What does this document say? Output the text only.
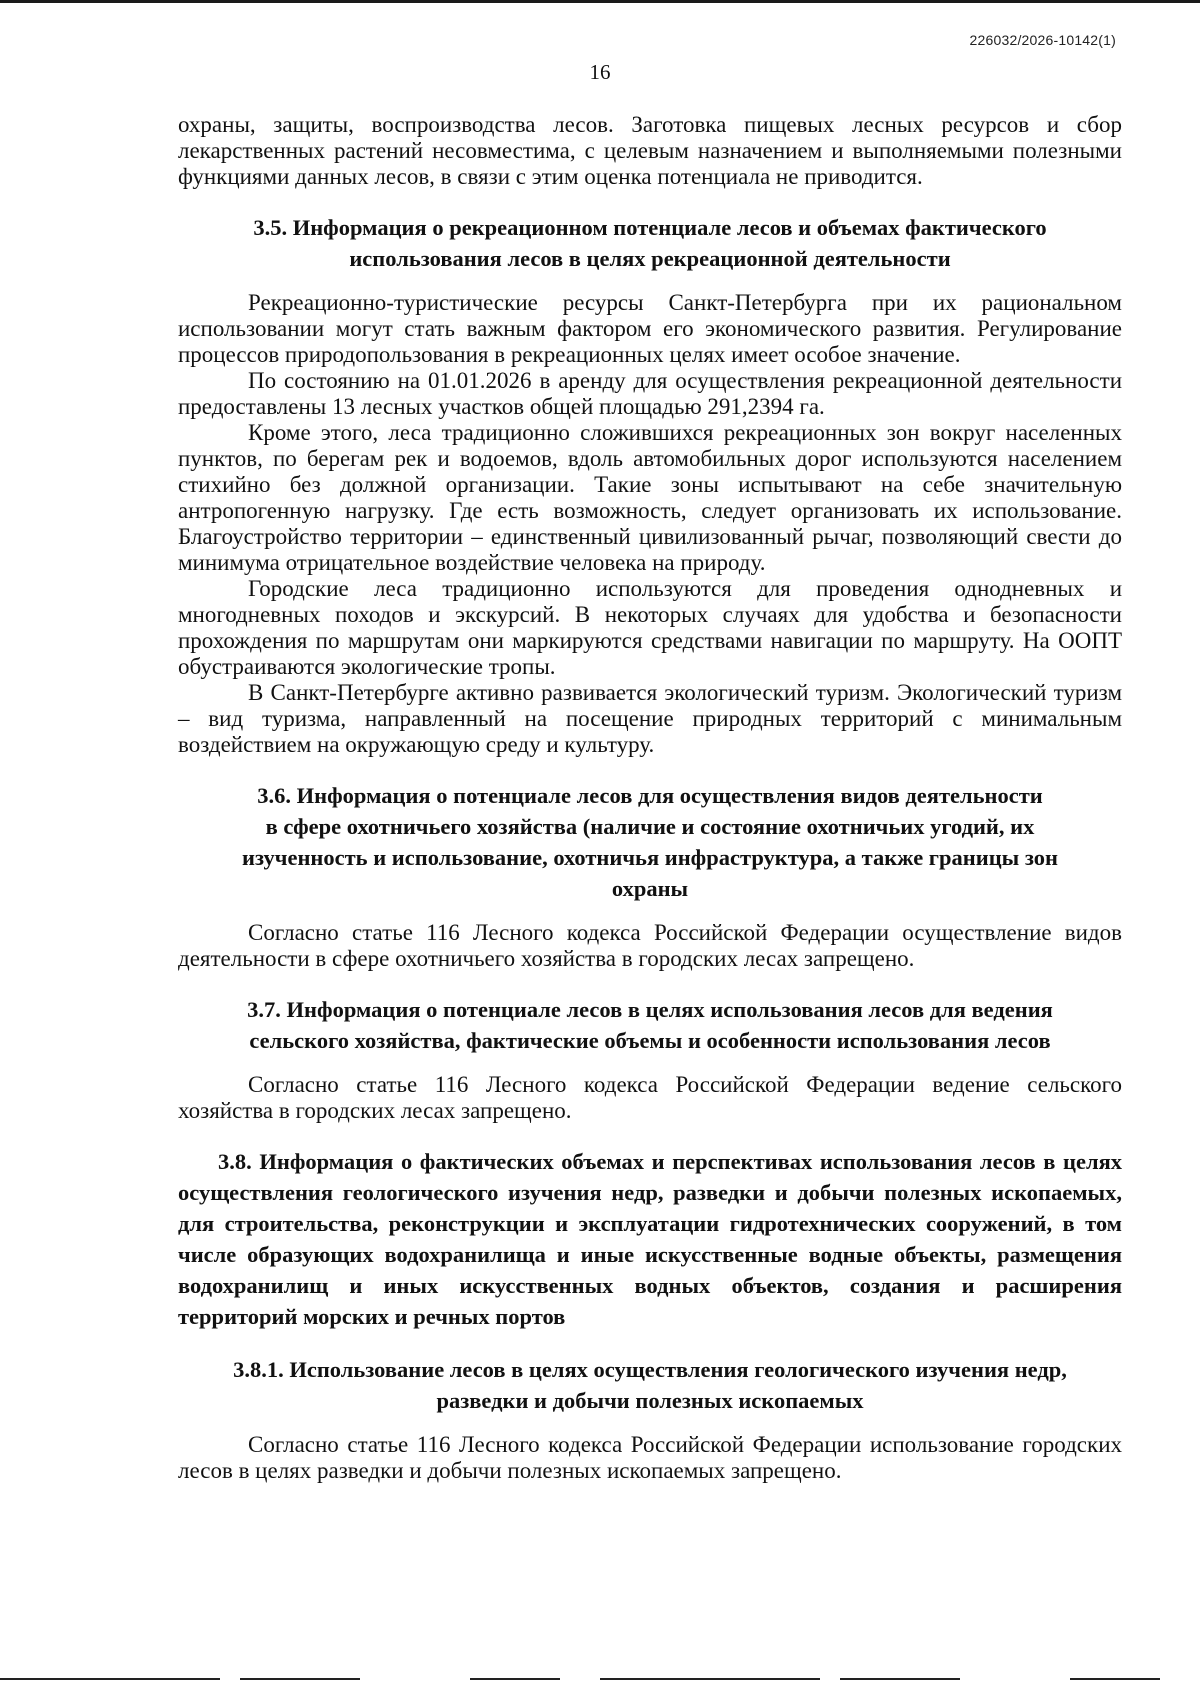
226032/2026-10142(1)
16

охраны, защиты, воспроизводства лесов. Заготовка пищевых лесных ресурсов и сбор лекарственных растений несовместима, с целевым назначением и выполняемыми полезными функциями данных лесов, в связи с этим оценка потенциала не приводится.

3.5. Информация о рекреационном потенциале лесов и объемах фактического

использования лесов в целях рекреационной деятельности

Рекреационно-туристические ресурсы Санкт-Петербурга при их рациональном использовании могут стать важным фактором его экономического развития. Регулирование процессов природопользования в рекреационных целях имеет особое значение.

По состоянию на 01.01.2026 в аренду для осуществления рекреационной деятельности предоставлены 13 лесных участков общей площадью 291,2394 га.

Кроме этого, леса традиционно сложившихся рекреационных зон вокруг населенных пунктов, по берегам рек и водоемов, вдоль автомобильных дорог используются населением стихийно без должной организации. Такие зоны испытывают на себе значительную антропогенную нагрузку. Где есть возможность, следует организовать их использование. Благоустройство территории – единственный цивилизованный рычаг, позволяющий свести до минимума отрицательное воздействие человека на природу.

Городские леса традиционно используются для проведения однодневных и многодневных походов и экскурсий. В некоторых случаях для удобства и безопасности прохождения по маршрутам они маркируются средствами навигации по маршруту. На ООПТ обустраиваются экологические тропы.

В Санкт-Петербурге активно развивается экологический туризм. Экологический туризм – вид туризма, направленный на посещение природных территорий с минимальным воздействием на окружающую среду и культуру.

3.6. Информация о потенциале лесов для осуществления видов деятельности

в сфере охотничьего хозяйства (наличие и состояние охотничьих угодий, их

изученность и использование, охотничья инфраструктура, а также границы зон

охраны

Согласно статье 116 Лесного кодекса Российской Федерации осуществление видов деятельности в сфере охотничьего хозяйства в городских лесах запрещено.

3.7. Информация о потенциале лесов в целях использования лесов для ведения

сельского хозяйства, фактические объемы и особенности использования лесов

Согласно статье 116 Лесного кодекса Российской Федерации ведение сельского хозяйства в городских лесах запрещено.

3.8. Информация о фактических объемах и перспективах использования лесов в целях осуществления геологического изучения недр, разведки и добычи полезных ископаемых, для строительства, реконструкции и эксплуатации гидротехнических сооружений, в том числе образующих водохранилища и иные искусственные водные объекты, размещения водохранилищ и иных искусственных водных объектов, создания и расширения территорий морских и речных портов

3.8.1. Использование лесов в целях осуществления геологического изучения недр,

разведки и добычи полезных ископаемых

Согласно статье 116 Лесного кодекса Российской Федерации использование городских лесов в целях разведки и добычи полезных ископаемых запрещено.
